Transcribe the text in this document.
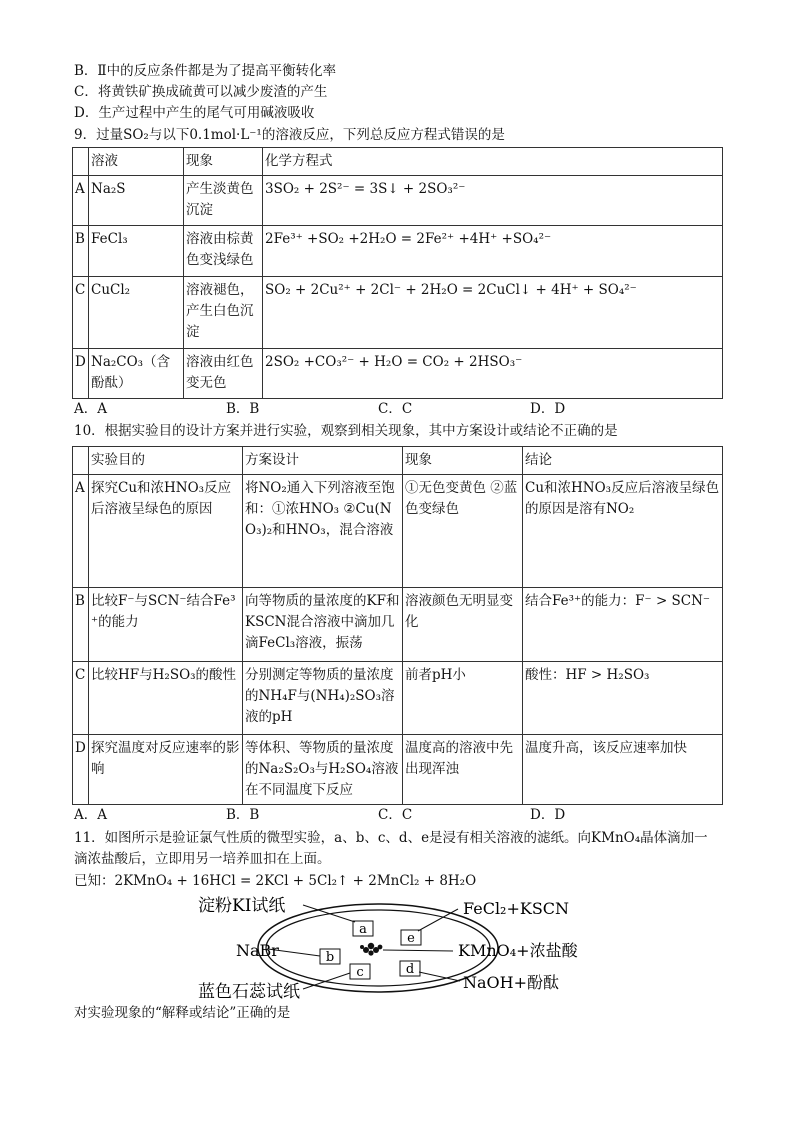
B．Ⅱ中的反应条件都是为了提高平衡转化率
C．将黄铁矿换成硫黄可以减少废渣的产生
D．生产过程中产生的尾气可用碱液吸收
9．过量SO₂与以下0.1mol·L⁻¹的溶液反应，下列总反应方程式错误的是
	溶液	现象	化学方程式
A	Na₂S	产生淡黄色沉淀	3SO₂ + 2S²⁻ = 3S↓ + 2SO₃²⁻
B	FeCl₃	溶液由棕黄色变浅绿色	2Fe³⁺ +SO₂ +2H₂O = 2Fe²⁺ +4H⁺ +SO₄²⁻
C	CuCl₂	溶液褪色，产生白色沉淀	SO₂ + 2Cu²⁺ + 2Cl⁻ + 2H₂O = 2CuCl↓ + 4H⁺ + SO₄²⁻
D	Na₂CO₃（含酚酞）	溶液由红色变无色	2SO₂ +CO₃²⁻ + H₂O = CO₂ + 2HSO₃⁻
A．A	B．B	C．C	D．D
10．根据实验目的设计方案并进行实验，观察到相关现象，其中方案设计或结论不正确的是
	实验目的	方案设计	现象	结论
A	探究Cu和浓HNO₃反应后溶液呈绿色的原因	将NO₂通入下列溶液至饱和：①浓HNO₃ ②Cu(NO₃)₂和HNO₃，混合溶液	①无色变黄色 ②蓝色变绿色	Cu和浓HNO₃反应后溶液呈绿色的原因是溶有NO₂
B	比较F⁻与SCN⁻结合Fe³⁺的能力	向等物质的量浓度的KF和KSCN混合溶液中滴加几滴FeCl₃溶液，振荡	溶液颜色无明显变化	结合Fe³⁺的能力：F⁻ > SCN⁻
C	比较HF与H₂SO₃的酸性	分别测定等物质的量浓度的NH₄F与(NH₄)₂SO₃溶液的pH	前者pH小	酸性：HF > H₂SO₃
D	探究温度对反应速率的影响	等体积、等物质的量浓度的Na₂S₂O₃与H₂SO₄溶液在不同温度下反应	温度高的溶液中先出现浑浊	温度升高，该反应速率加快
A．A	B．B	C．C	D．D
11．如图所示是验证氯气性质的微型实验，a、b、c、d、e是浸有相关溶液的滤纸。向KMnO₄晶体滴加一
滴浓盐酸后，立即用另一培养皿扣在上面。
已知：2KMnO₄ + 16HCl = 2KCl + 5Cl₂↑ + 2MnCl₂ + 8H₂O
a
b
c	d
e
淀粉KI试纸	FeCl₂+KSCN
NaBr	KMnO₄+浓盐酸
蓝色石蕊试纸	NaOH+酚酞
对实验现象的“解释或结论”正确的是
